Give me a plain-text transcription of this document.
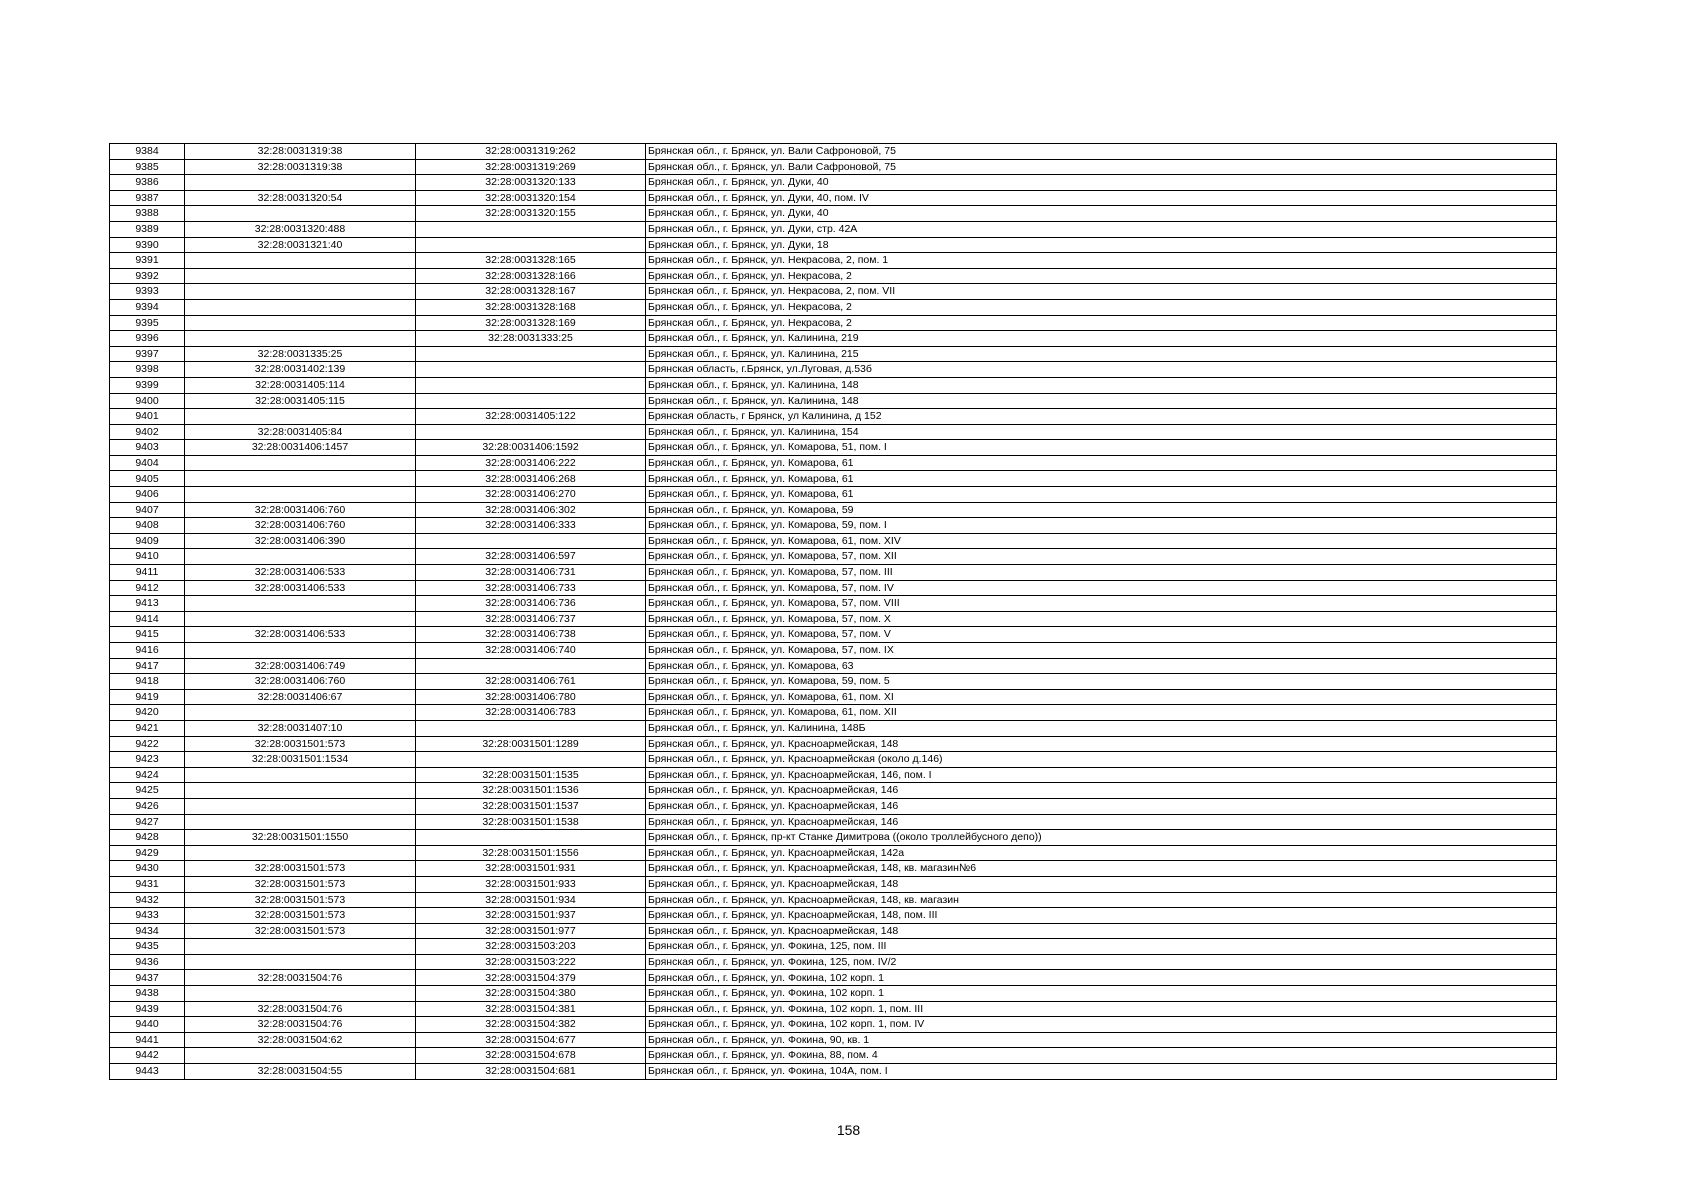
9384	32:28:0031319:38	32:28:0031319:262	Брянская обл., г. Брянск, ул. Вали Сафроновой, 75
9385	32:28:0031319:38	32:28:0031319:269	Брянская обл., г. Брянск, ул. Вали Сафроновой, 75
9386		32:28:0031320:133	Брянская обл., г. Брянск, ул. Дуки, 40
9387	32:28:0031320:54	32:28:0031320:154	Брянская обл., г. Брянск, ул. Дуки, 40, пом. IV
9388		32:28:0031320:155	Брянская обл., г. Брянск, ул. Дуки, 40
9389	32:28:0031320:488		Брянская обл., г. Брянск, ул. Дуки, стр. 42А
9390	32:28:0031321:40		Брянская обл., г. Брянск, ул. Дуки, 18
9391		32:28:0031328:165	Брянская обл., г. Брянск, ул. Некрасова, 2, пом. 1
9392		32:28:0031328:166	Брянская обл., г. Брянск, ул. Некрасова, 2
9393		32:28:0031328:167	Брянская обл., г. Брянск, ул. Некрасова, 2, пом. VII
9394		32:28:0031328:168	Брянская обл., г. Брянск, ул. Некрасова, 2
9395		32:28:0031328:169	Брянская обл., г. Брянск, ул. Некрасова, 2
9396		32:28:0031333:25	Брянская обл., г. Брянск, ул. Калинина, 219
9397	32:28:0031335:25		Брянская обл., г. Брянск, ул. Калинина, 215
9398	32:28:0031402:139		Брянская область, г.Брянск, ул.Луговая, д.53б
9399	32:28:0031405:114		Брянская обл., г. Брянск, ул. Калинина, 148
9400	32:28:0031405:115		Брянская обл., г. Брянск, ул. Калинина, 148
9401		32:28:0031405:122	Брянская область, г Брянск, ул Калинина, д 152
9402	32:28:0031405:84		Брянская обл., г. Брянск, ул. Калинина, 154
9403	32:28:0031406:1457	32:28:0031406:1592	Брянская обл., г. Брянск, ул. Комарова, 51, пом. I
9404		32:28:0031406:222	Брянская обл., г. Брянск, ул. Комарова, 61
9405		32:28:0031406:268	Брянская обл., г. Брянск, ул. Комарова, 61
9406		32:28:0031406:270	Брянская обл., г. Брянск, ул. Комарова, 61
9407	32:28:0031406:760	32:28:0031406:302	Брянская обл., г. Брянск, ул. Комарова, 59
9408	32:28:0031406:760	32:28:0031406:333	Брянская обл., г. Брянск, ул. Комарова, 59, пом. I
9409	32:28:0031406:390		Брянская обл., г. Брянск, ул. Комарова, 61, пом. XIV
9410		32:28:0031406:597	Брянская обл., г. Брянск, ул. Комарова, 57, пом. XII
9411	32:28:0031406:533	32:28:0031406:731	Брянская обл., г. Брянск, ул. Комарова, 57, пом. III
9412	32:28:0031406:533	32:28:0031406:733	Брянская обл., г. Брянск, ул. Комарова, 57, пом. IV
9413		32:28:0031406:736	Брянская обл., г. Брянск, ул. Комарова, 57, пом. VIII
9414		32:28:0031406:737	Брянская обл., г. Брянск, ул. Комарова, 57, пом. X
9415	32:28:0031406:533	32:28:0031406:738	Брянская обл., г. Брянск, ул. Комарова, 57, пом. V
9416		32:28:0031406:740	Брянская обл., г. Брянск, ул. Комарова, 57, пом. IX
9417	32:28:0031406:749		Брянская обл., г. Брянск, ул. Комарова, 63
9418	32:28:0031406:760	32:28:0031406:761	Брянская обл., г. Брянск, ул. Комарова, 59, пом. 5
9419	32:28:0031406:67	32:28:0031406:780	Брянская обл., г. Брянск, ул. Комарова, 61, пом. XI
9420		32:28:0031406:783	Брянская обл., г. Брянск, ул. Комарова, 61, пом. XII
9421	32:28:0031407:10		Брянская обл., г. Брянск, ул. Калинина, 148Б
9422	32:28:0031501:573	32:28:0031501:1289	Брянская обл., г. Брянск, ул. Красноармейская, 148
9423	32:28:0031501:1534		Брянская обл., г. Брянск, ул. Красноармейская (около д.146)
9424		32:28:0031501:1535	Брянская обл., г. Брянск, ул. Красноармейская, 146, пом. I
9425		32:28:0031501:1536	Брянская обл., г. Брянск, ул. Красноармейская, 146
9426		32:28:0031501:1537	Брянская обл., г. Брянск, ул. Красноармейская, 146
9427		32:28:0031501:1538	Брянская обл., г. Брянск, ул. Красноармейская, 146
9428	32:28:0031501:1550		Брянская обл., г. Брянск, пр-кт Станке Димитрова ((около троллейбусного депо))
9429		32:28:0031501:1556	Брянская обл., г. Брянск, ул. Красноармейская, 142а
9430	32:28:0031501:573	32:28:0031501:931	Брянская обл., г. Брянск, ул. Красноармейская, 148, кв. магазин№6
9431	32:28:0031501:573	32:28:0031501:933	Брянская обл., г. Брянск, ул. Красноармейская, 148
9432	32:28:0031501:573	32:28:0031501:934	Брянская обл., г. Брянск, ул. Красноармейская, 148, кв. магазин
9433	32:28:0031501:573	32:28:0031501:937	Брянская обл., г. Брянск, ул. Красноармейская, 148, пом. III
9434	32:28:0031501:573	32:28:0031501:977	Брянская обл., г. Брянск, ул. Красноармейская, 148
9435		32:28:0031503:203	Брянская обл., г. Брянск, ул. Фокина, 125, пом. III
9436		32:28:0031503:222	Брянская обл., г. Брянск, ул. Фокина, 125, пом. IV/2
9437	32:28:0031504:76	32:28:0031504:379	Брянская обл., г. Брянск, ул. Фокина, 102 корп. 1
9438		32:28:0031504:380	Брянская обл., г. Брянск, ул. Фокина, 102 корп. 1
9439	32:28:0031504:76	32:28:0031504:381	Брянская обл., г. Брянск, ул. Фокина, 102 корп. 1, пом. III
9440	32:28:0031504:76	32:28:0031504:382	Брянская обл., г. Брянск, ул. Фокина, 102 корп. 1, пом. IV
9441	32:28:0031504:62	32:28:0031504:677	Брянская обл., г. Брянск, ул. Фокина, 90, кв. 1
9442		32:28:0031504:678	Брянская обл., г. Брянск, ул. Фокина, 88, пом. 4
9443	32:28:0031504:55	32:28:0031504:681	Брянская обл., г. Брянск, ул. Фокина, 104А, пом. I
158
